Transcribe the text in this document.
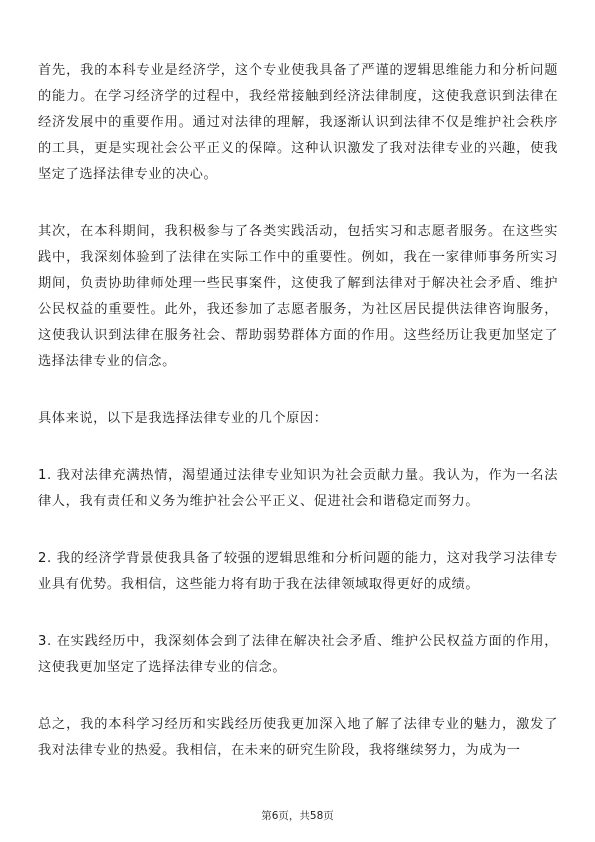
首先，我的本科专业是经济学，这个专业使我具备了严谨的逻辑思维能力和分析问题的能力。在学习经济学的过程中，我经常接触到经济法律制度，这使我意识到法律在经济发展中的重要作用。通过对法律的理解，我逐渐认识到法律不仅是维护社会秩序的工具，更是实现社会公平正义的保障。这种认识激发了我对法律专业的兴趣，使我坚定了选择法律专业的决心。

其次，在本科期间，我积极参与了各类实践活动，包括实习和志愿者服务。在这些实践中，我深刻体验到了法律在实际工作中的重要性。例如，我在一家律师事务所实习期间，负责协助律师处理一些民事案件，这使我了解到法律对于解决社会矛盾、维护公民权益的重要性。此外，我还参加了志愿者服务，为社区居民提供法律咨询服务，这使我认识到法律在服务社会、帮助弱势群体方面的作用。这些经历让我更加坚定了选择法律专业的信念。

具体来说，以下是我选择法律专业的几个原因：

1. 我对法律充满热情，渴望通过法律专业知识为社会贡献力量。我认为，作为一名法律人，我有责任和义务为维护社会公平正义、促进社会和谐稳定而努力。

2. 我的经济学背景使我具备了较强的逻辑思维和分析问题的能力，这对我学习法律专业具有优势。我相信，这些能力将有助于我在法律领域取得更好的成绩。

3. 在实践经历中，我深刻体会到了法律在解决社会矛盾、维护公民权益方面的作用，这使我更加坚定了选择法律专业的信念。

总之，我的本科学习经历和实践经历使我更加深入地了解了法律专业的魅力，激发了我对法律专业的热爱。我相信，在未来的研究生阶段，我将继续努力，为成为一

第6页，共58页
